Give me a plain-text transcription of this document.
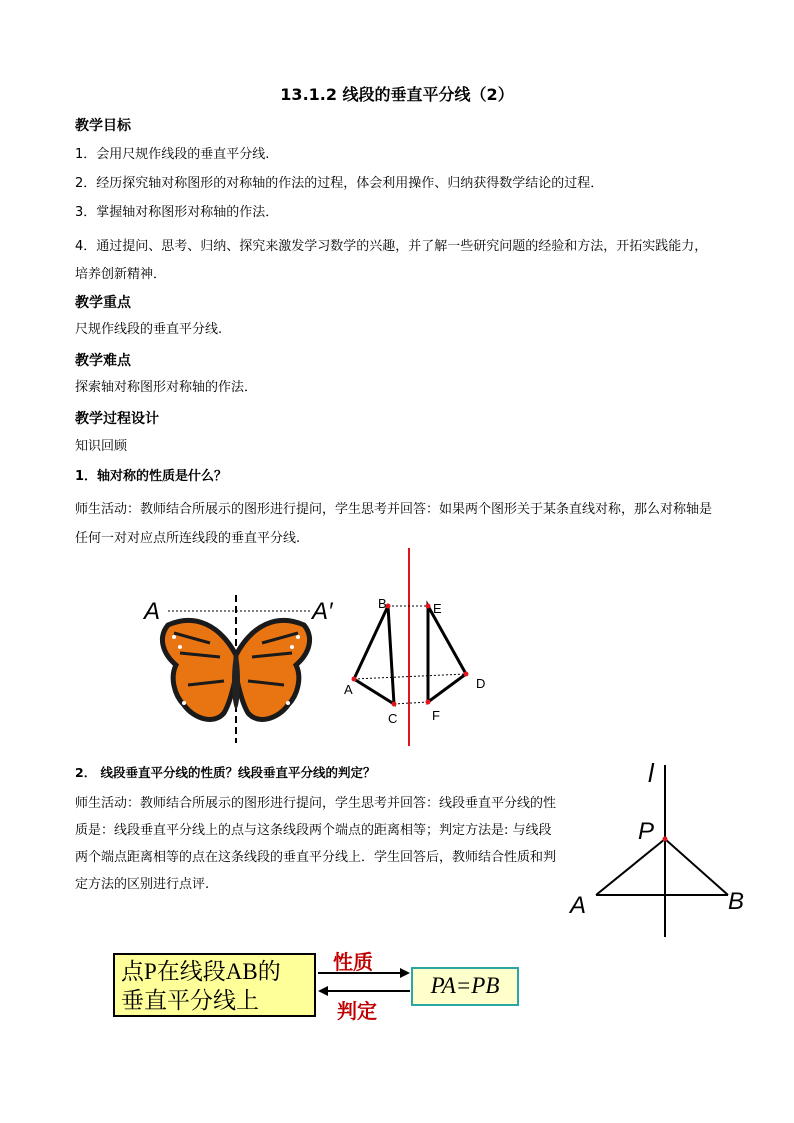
13.1.2 线段的垂直平分线（2）
教学目标
1．会用尺规作线段的垂直平分线.
2．经历探究轴对称图形的对称轴的作法的过程，体会利用操作、归纳获得数学结论的过程．
3．掌握轴对称图形对称轴的作法．
4．通过提问、思考、归纳、探究来激发学习数学的兴趣，并了解一些研究问题的经验和方法，开拓实践能力，培养创新精神．
教学重点
尺规作线段的垂直平分线.
教学难点
探索轴对称图形对称轴的作法．
教学过程设计
知识回顾
1．轴对称的性质是什么？
师生活动：教师结合所展示的图形进行提问，学生思考并回答：如果两个图形关于某条直线对称，那么对称轴是任何一对对应点所连线段的垂直平分线.
A	A′	B	E
A	D
C	F
2． 线段垂直平分线的性质？线段垂直平分线的判定？
师生活动：教师结合所展示的图形进行提问，学生思考并回答：线段垂直平分线的性质是：线段垂直平分线上的点与这条线段两个端点的距离相等；判定方法是: 与线段两个端点距离相等的点在这条线段的垂直平分线上．学生回答后，教师结合性质和判定方法的区别进行点评.
l
P
A	B
点P在线段AB的
垂直平分线上
性质
判定
PA=PB
